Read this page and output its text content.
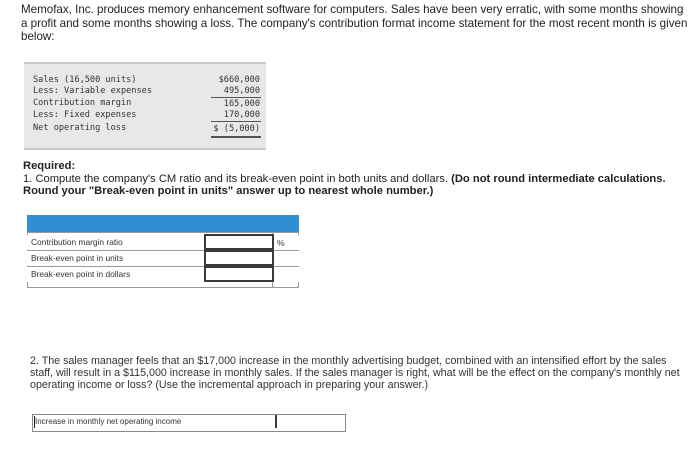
Memofax, Inc. produces memory enhancement software for computers. Sales have been very erratic, with some months showing a profit and some months showing a loss. The company's contribution format income statement for the most recent month is given below:
Sales (16,500 units)	$660,000
Less: Variable expenses	495,000
Contribution margin	165,000
Less: Fixed expenses	170,000
Net operating loss	$ (5,000)
Required:
1. Compute the company's CM ratio and its break-even point in both units and dollars. (Do not round intermediate calculations. Round your "Break-even point in units" answer up to nearest whole number.)
Contribution margin ratio	%
Break-even point in units
Break-even point in dollars
2. The sales manager feels that an $17,000 increase in the monthly advertising budget, combined with an intensified effort by the sales staff, will result in a $115,000 increase in monthly sales. If the sales manager is right, what will be the effect on the company's monthly net operating income or loss? (Use the incremental approach in preparing your answer.)
Increase in monthly net operating income
